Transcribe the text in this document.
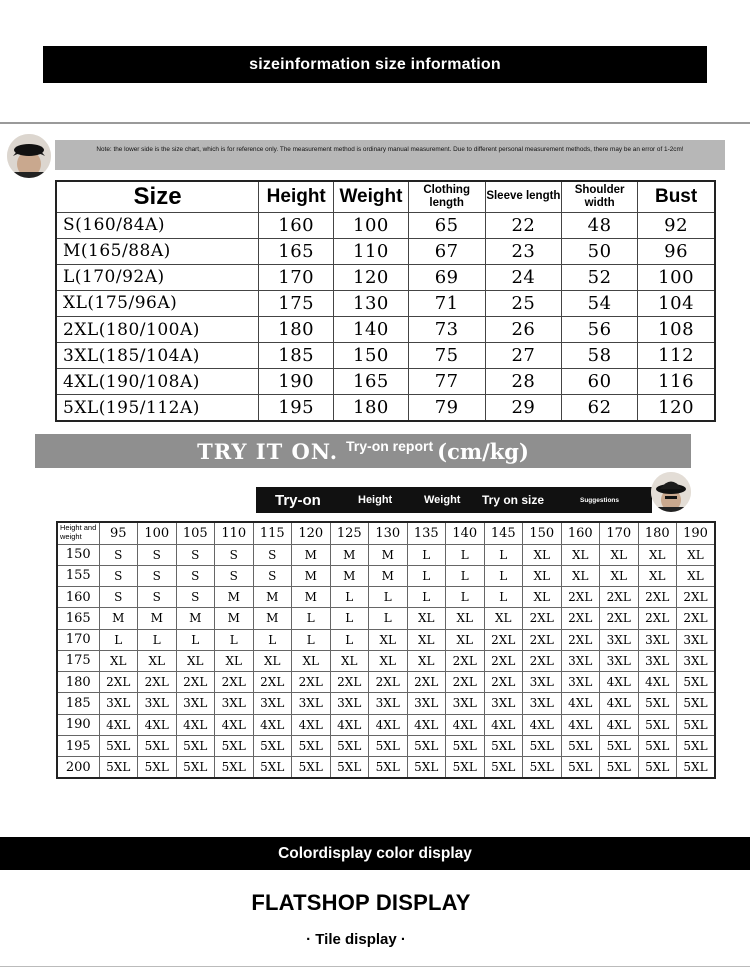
sizeinformation size information
Note: the lower side is the size chart, which is for reference only. The measurement method is ordinary manual measurement. Due to different personal measurement methods, there may be an error of 1-2cm!
Size	Height	Weight	Clothing length	Sleeve length	Shoulder width	Bust
S(160/84A)	160	100	65	22	48	92
M(165/88A)	165	110	67	23	50	96
L(170/92A)	170	120	69	24	52	100
XL(175/96A)	175	130	71	25	54	104
2XL(180/100A)	180	140	73	26	56	108
3XL(185/104A)	185	150	75	27	58	112
4XL(190/108A)	190	165	77	28	60	116
5XL(195/112A)	195	180	79	29	62	120
TRY IT ON. Try-on report (cm/kg)
Try-on	Height	Weight Try on size	Suggestions
Height and weight	95	100	105	110	115	120	125	130	135	140	145	150	160	170	180	190
150	S	S	S	S	S	M	M	M	L	L	L	XL	XL	XL	XL	XL
155	S	S	S	S	S	M	M	M	L	L	L	XL	XL	XL	XL	XL
160	S	S	S	M	M	M	L	L	L	L	L	XL	2XL	2XL	2XL	2XL
165	M	M	M	M	M	L	L	L	XL	XL	XL	2XL	2XL	2XL	2XL	2XL
170	L	L	L	L	L	L	L	XL	XL	XL	2XL	2XL	2XL	3XL	3XL	3XL
175	XL	XL	XL	XL	XL	XL	XL	XL	XL	2XL	2XL	2XL	3XL	3XL	3XL	3XL
180	2XL	2XL	2XL	2XL	2XL	2XL	2XL	2XL	2XL	2XL	2XL	3XL	3XL	4XL	4XL	5XL
185	3XL	3XL	3XL	3XL	3XL	3XL	3XL	3XL	3XL	3XL	3XL	3XL	4XL	4XL	5XL	5XL
190	4XL	4XL	4XL	4XL	4XL	4XL	4XL	4XL	4XL	4XL	4XL	4XL	4XL	4XL	5XL	5XL
195	5XL	5XL	5XL	5XL	5XL	5XL	5XL	5XL	5XL	5XL	5XL	5XL	5XL	5XL	5XL	5XL
200	5XL	5XL	5XL	5XL	5XL	5XL	5XL	5XL	5XL	5XL	5XL	5XL	5XL	5XL	5XL	5XL
Colordisplay color display
FLATSHOP DISPLAY
· Tile display ·
